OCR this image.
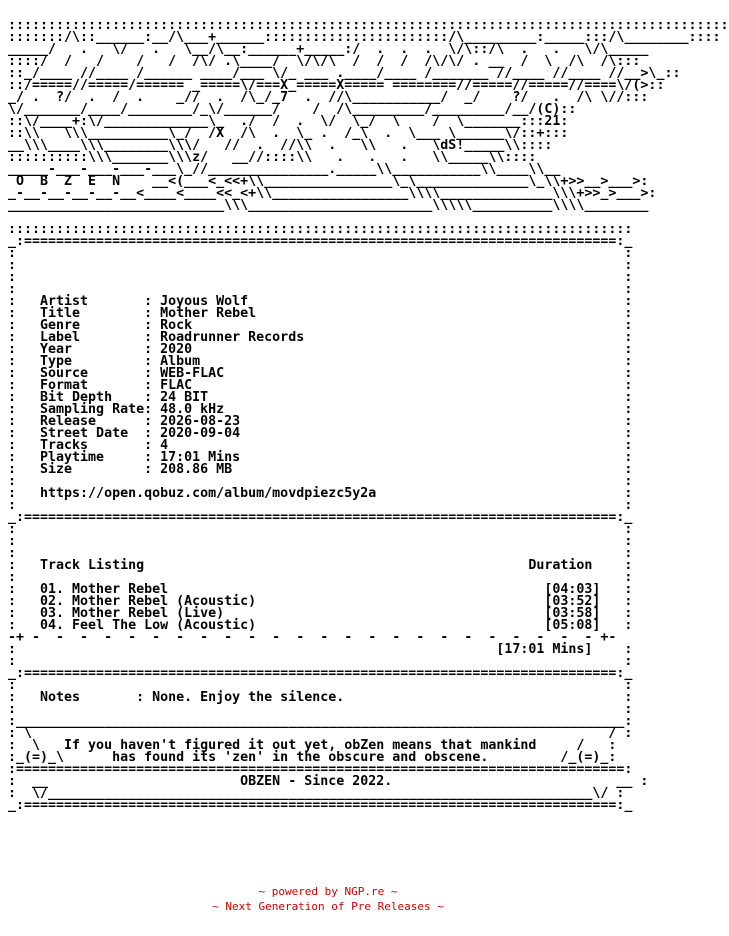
::::::::::::::::::::::::::::::::::::::::::::::::::::::::::::::::::::::::::::::::::::::::::
:::::::/\::______:__/\___+______:::::::::::::::::::::::/\_________:_____:::/\________::::
_____/   .   \/   .   \__/\__:______+_____:/  .  .  .  \/\::/\  .   .   \/\_____
::::/  /   /    /   /  /\/ .\____/  \/\/\  /  /  /  /\/\/ . __  /  \  /\  /\:::
::_/____ //____ /______ ____/___ \/_ ___ .____/____ /_______ //____ //____ //__>\_::
::/=====//=====/====== _=====\/===X_=====X===== ========//=====//=====//====\/(>::
_/ .  ?/  .  /  .    _//  .  /\_/_7  .  //\___________/  _/    ?/   .  /\ \//:::
\/_______/____/________/_\/______/    /  /\_________/_________/__/(C)::
::\/____+:\/_____________\_  ./  /  .  \/  \_/  \    /  \_______:::21:
::\\   \\\__________\_/  /X  /\  .  \_ .  /_\  .  \___ \______\/::+:::
__\\\____\\\________\\\/   //  .  //\\  .   \\   .   \dS!_____\\::::
::::::::::\\\_______\\\z/   __//::::\\   .   .   .   \\_____\\::::
_____-___-___-___-___\_//_______________._____\\___________\\____\\__
O  B  Z  E  N    __<(___<_<<+\\________________\_\______________\_\\+>>__>___>:
_-__-__-__-__-__<____<____<<_<+\\_________________\\\\______________\\\+>>_>___>:
___________________________\\\_______________________\\\\\__________\\\\________

::::::::::::::::::::::::::::::::::::::::::::::::::::::::::::::::::::::::::::::
_:==========================================================================:_
:                                                                            :
:                                                                            :
:                                                                            :
:                                                                            :
:   Artist       : Joyous Wolf                                               :
:   Title        : Mother Rebel                                              :
:   Genre        : Rock                                                      :
:   Label        : Roadrunner Records                                        :
:   Year         : 2020                                                      :
:   Type         : Album                                                     :
:   Source       : WEB-FLAC                                                  :
:   Format       : FLAC                                                      :
:   Bit Depth    : 24 BIT                                                    :
:   Sampling Rate: 48.0 kHz                                                  :
:   Release      : 2026-08-23                                                :
:   Street Date  : 2020-09-04                                                :
:   Tracks       : 4                                                         :
:   Playtime     : 17:01 Mins                                                :
:   Size         : 208.86 MB                                                 :
:                                                                            :
:   https://open.qobuz.com/album/movdpiezc5y2a                               :
:                                                                            :
_:==========================================================================:_
:                                                                            :
:                                                                            :
:                                                                            :
:   Track Listing                                                Duration    :
:                                                                            :
:   01. Mother Rebel                                               [04:03]   :
:   02. Mother Rebel (Acoustic)                                    [03:52]   :
:   03. Mother Rebel (Live)                                        [03:58]   :
:   04. Feel The Low (Acoustic)                                    [05:08]   :
-+ -  -  -  -  -  -  -  -  -  -  -  -  -  -  -  -  -  -  -  -  -  -  -  - +-
:                                                            [17:01 Mins]    :
:                                                                            :
_:==========================================================================:_
:                                                                            :
:   Notes       : None. Enjoy the silence.                                   :
:                                                                            :
:____________________________________________________________________________:
: \                                                                        / :
:  \   If you haven't figured it out yet, obZen means that mankind     /   :
:_(=)_\      has found its 'zen' in the obscure and obscene.         /_(=)_:
:============================================================================:
:  __                        OBZEN - Since 2022.                            __ :
:  \/____________________________________________________________________\/ :
_:==========================================================================:_
~ powered by NGP.re ~
~ Next Generation of Pre Releases ~
